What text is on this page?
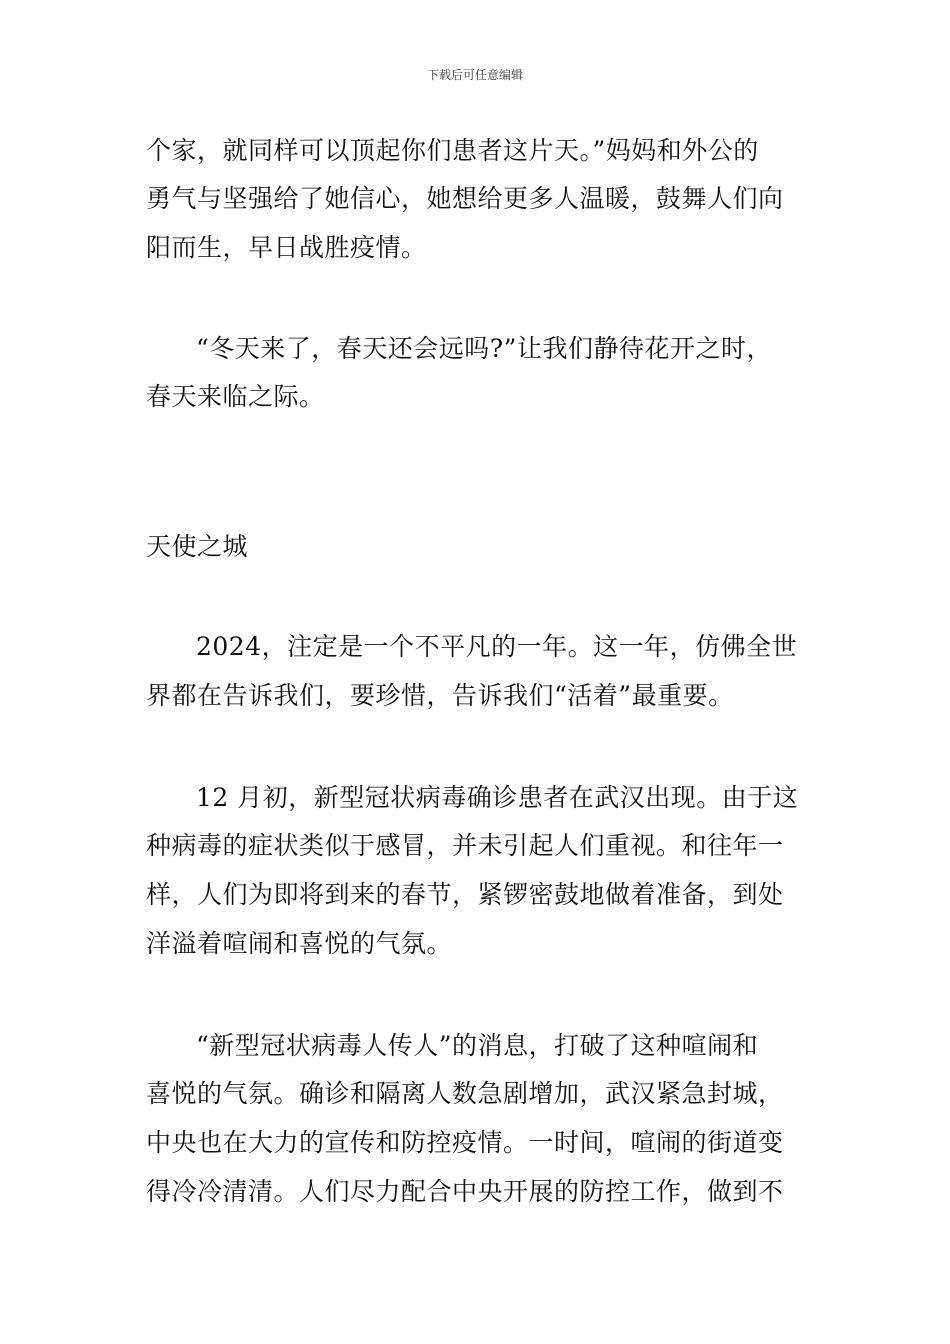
下载后可任意编辑
个家，就同样可以顶起你们患者这片天。”妈妈和外公的
勇气与坚强给了她信心，她想给更多人温暖，鼓舞人们向
阳而生，早日战胜疫情。
“冬天来了，春天还会远吗?”让我们静待花开之时，
春天来临之际。
天使之城
2024，注定是一个不平凡的一年。这一年，仿佛全世
界都在告诉我们，要珍惜，告诉我们“活着”最重要。
12 月初，新型冠状病毒确诊患者在武汉出现。由于这
种病毒的症状类似于感冒，并未引起人们重视。和往年一
样，人们为即将到来的春节，紧锣密鼓地做着准备，到处
洋溢着喧闹和喜悦的气氛。
“新型冠状病毒人传人”的消息，打破了这种喧闹和
喜悦的气氛。确诊和隔离人数急剧增加，武汉紧急封城，
中央也在大力的宣传和防控疫情。一时间，喧闹的街道变
得冷冷清清。人们尽力配合中央开展的防控工作，做到不
